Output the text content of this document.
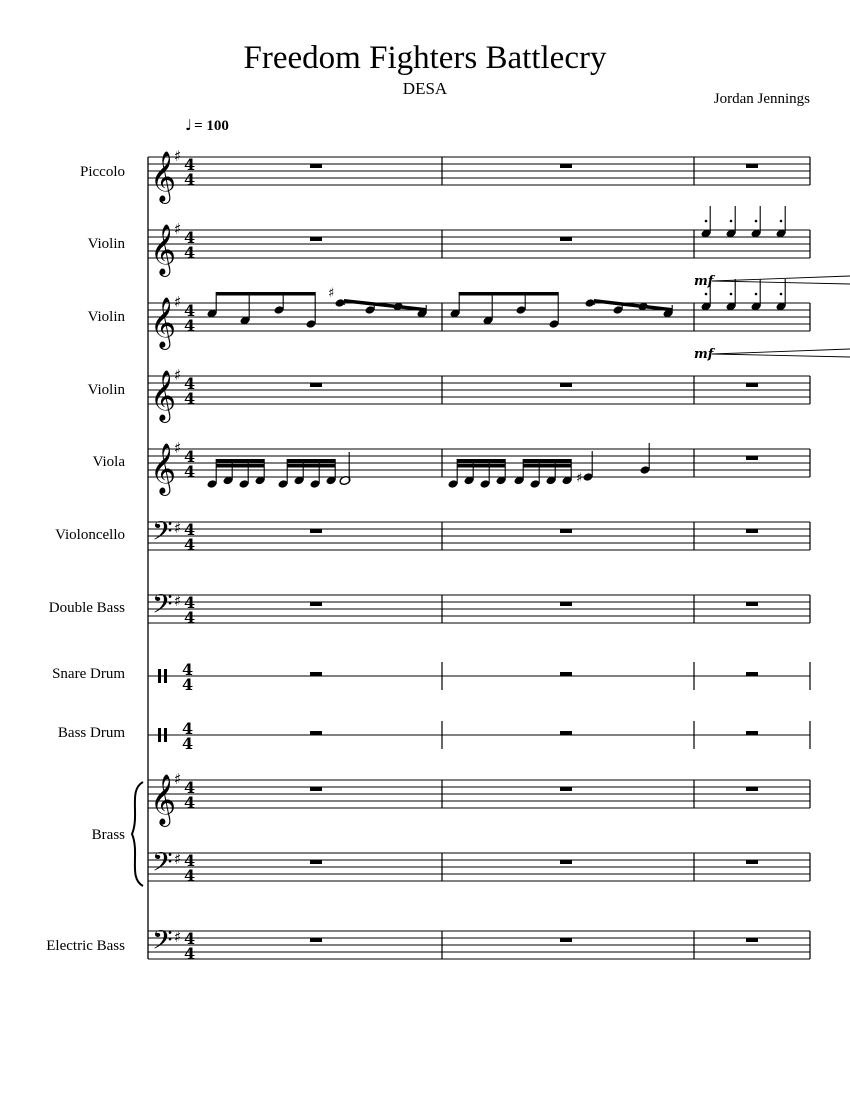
Freedom Fighters Battlecry
DESA
Jordan Jennings
♩ = 100
Piccolo
Violin
Violin
Violin
Viola
Violoncello
Double Bass
Snare Drum
Bass Drum
Brass
Electric Bass
𝄞
♯ 4
4
𝄞
♯ 4
4
𝄞
♯ 4
4
𝄞
♯ 4
4
𝄞
♯ 4
4
𝄢 ♯ 4
4
𝄢 ♯ 4
4
4
4
4
4
𝄞
♯ 4
4
𝄢 ♯ 4
4
𝄢 ♯ 4
4
♯
mf
mf
♯
